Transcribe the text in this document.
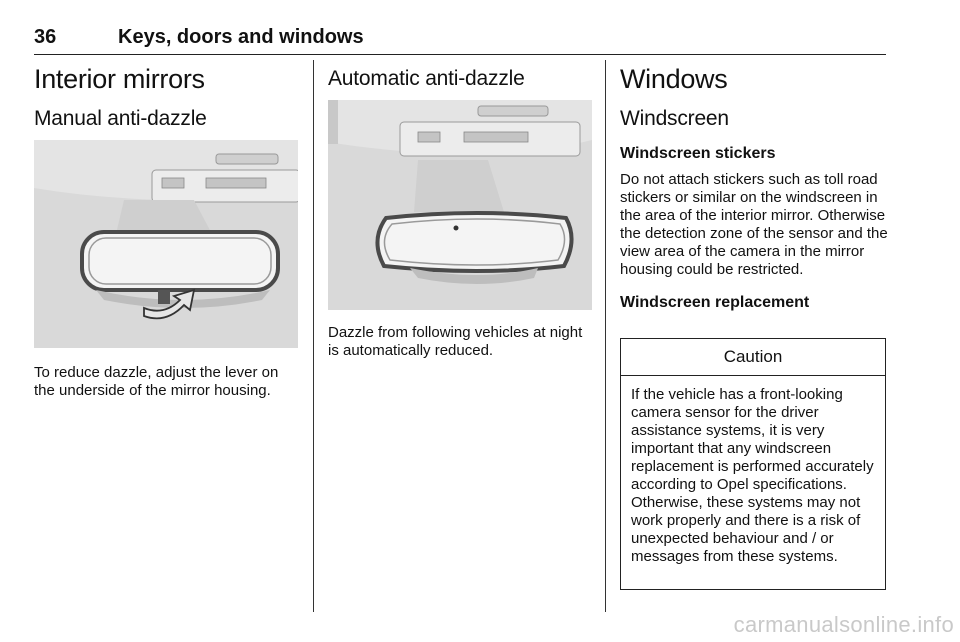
36	Keys, doors and windows
Interior mirrors
Manual anti-dazzle

To reduce dazzle, adjust the lever on the underside of the mirror housing.

Automatic anti-dazzle

Dazzle from following vehicles at night is automatically reduced.

Windows
Windscreen
Windscreen stickers

Do not attach stickers such as toll road stickers or similar on the windscreen in the area of the interior mirror. Otherwise the detection zone of the sensor and the view area of the camera in the mirror housing could be restricted.

Windscreen replacement
Caution
If the vehicle has a front-looking camera sensor for the driver assistance systems, it is very important that any windscreen replacement is performed accurately according to Opel specifications. Otherwise, these systems may not work properly and there is a risk of unexpected behaviour and / or messages from these systems.
carmanualsonline.info
